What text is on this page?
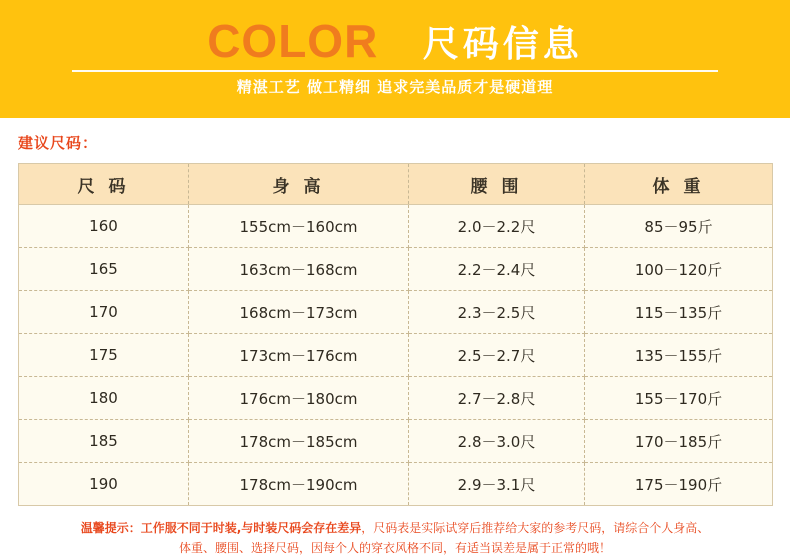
COLOR 尺码信息
精湛工艺 做工精细 追求完美品质才是硬道理
建议尺码：
尺 码	身 高	腰 围	体 重
160	155cm－160cm	2.0－2.2尺	85－95斤
165	163cm－168cm	2.2－2.4尺	100－120斤
170	168cm－173cm	2.3－2.5尺	115－135斤
175	173cm－176cm	2.5－2.7尺	135－155斤
180	176cm－180cm	2.7－2.8尺	155－170斤
185	178cm－185cm	2.8－3.0尺	170－185斤
190	178cm－190cm	2.9－3.1尺	175－190斤
温馨提示：工作服不同于时装,与时装尺码会存在差异，尺码表是实际试穿后推荐给大家的参考尺码，请综合个人身高、
体重、腰围、选择尺码，因每个人的穿衣风格不同，有适当误差是属于正常的哦！
